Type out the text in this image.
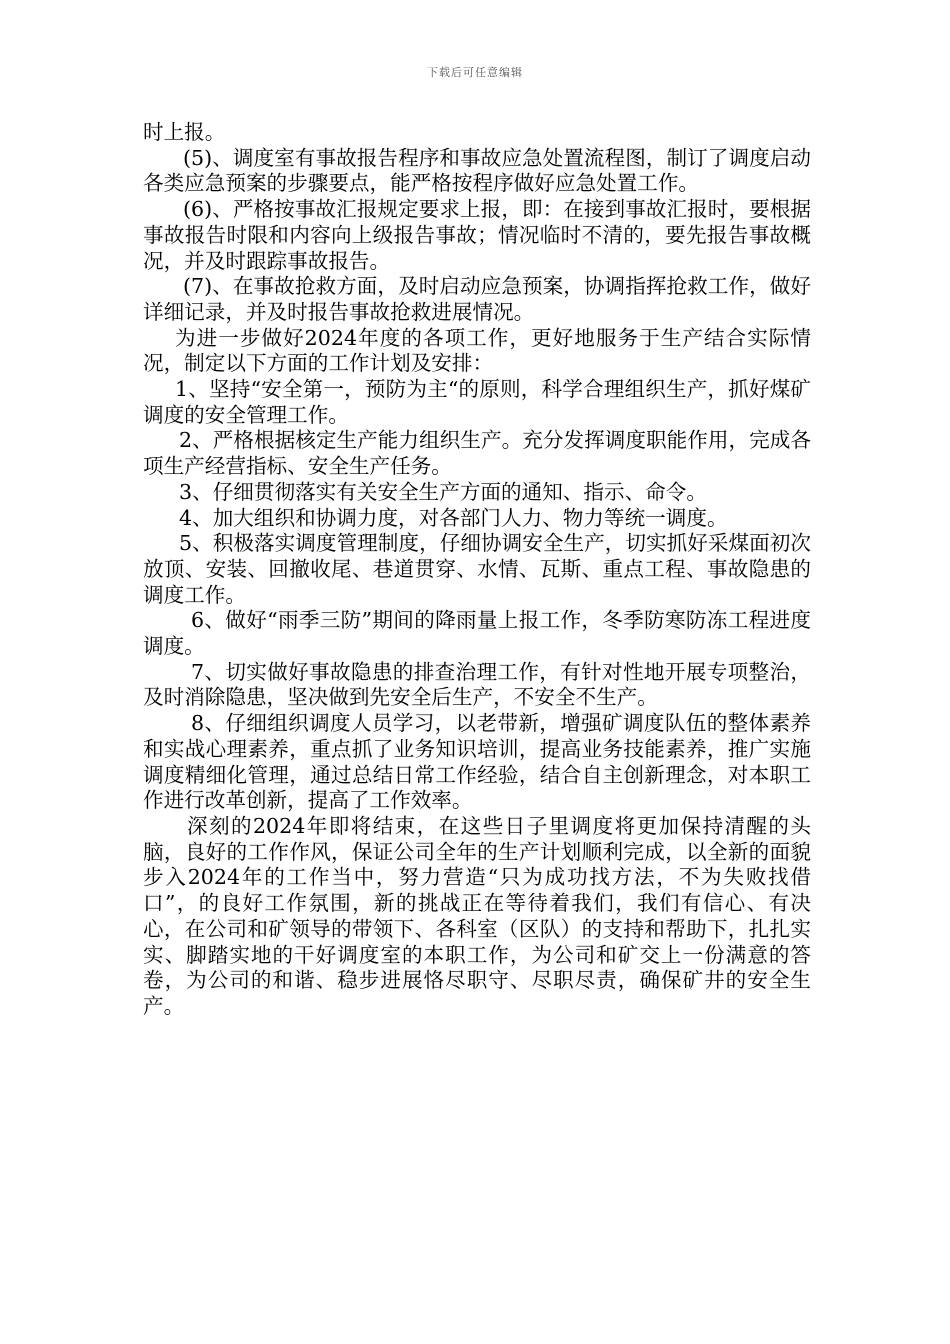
下载后可任意编辑

时上报。

(5)、调度室有事故报告程序和事故应急处置流程图，制订了调度启动各类应急预案的步骤要点，能严格按程序做好应急处置工作。

(6)、严格按事故汇报规定要求上报，即：在接到事故汇报时，要根据事故报告时限和内容向上级报告事故；情况临时不清的，要先报告事故概况，并及时跟踪事故报告。

(7)、在事故抢救方面，及时启动应急预案，协调指挥抢救工作，做好详细记录，并及时报告事故抢救进展情况。

为进一步做好2024年度的各项工作，更好地服务于生产结合实际情况，制定以下方面的工作计划及安排：

1、坚持“安全第一，预防为主“的原则，科学合理组织生产，抓好煤矿调度的安全管理工作。

2、严格根据核定生产能力组织生产。充分发挥调度职能作用，完成各项生产经营指标、安全生产任务。

3、仔细贯彻落实有关安全生产方面的通知、指示、命令。

4、加大组织和协调力度，对各部门人力、物力等统一调度。

5、积极落实调度管理制度，仔细协调安全生产，切实抓好采煤面初次放顶、安装、回撤收尾、巷道贯穿、水情、瓦斯、重点工程、事故隐患的调度工作。

6、做好“雨季三防”期间的降雨量上报工作，冬季防寒防冻工程进度调度。

7、切实做好事故隐患的排查治理工作，有针对性地开展专项整治，及时消除隐患，坚决做到先安全后生产，不安全不生产。

8、仔细组织调度人员学习，以老带新，增强矿调度队伍的整体素养和实战心理素养，重点抓了业务知识培训，提高业务技能素养，推广实施调度精细化管理，通过总结日常工作经验，结合自主创新理念，对本职工作进行改革创新，提高了工作效率。

深刻的2024年即将结束，在这些日子里调度将更加保持清醒的头脑，良好的工作作风，保证公司全年的生产计划顺利完成，以全新的面貌步入2024年的工作当中，努力营造“只为成功找方法，不为失败找借口”，的良好工作氛围，新的挑战正在等待着我们，我们有信心、有决心，在公司和矿领导的带领下、各科室（区队）的支持和帮助下，扎扎实实、脚踏实地的干好调度室的本职工作，为公司和矿交上一份满意的答卷，为公司的和谐、稳步进展恪尽职守、尽职尽责，确保矿井的安全生产。
